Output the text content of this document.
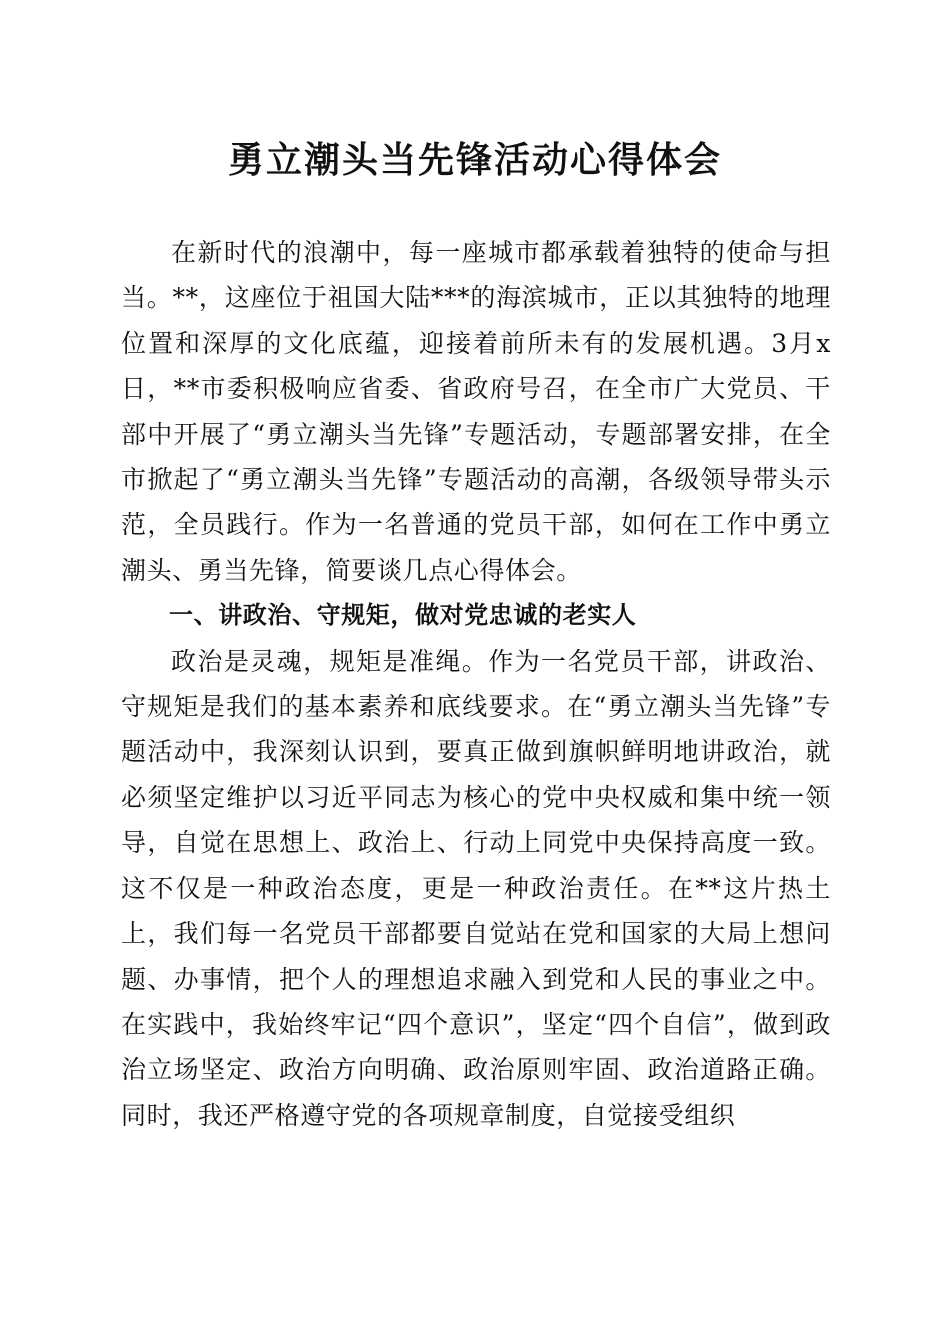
勇立潮头当先锋活动心得体会

在新时代的浪潮中，每一座城市都承载着独特的使命与担当。**，这座位于祖国大陆***的海滨城市，正以其独特的地理位置和深厚的文化底蕴，迎接着前所未有的发展机遇。3月x日，**市委积极响应省委、省政府号召，在全市广大党员、干部中开展了“勇立潮头当先锋”专题活动，专题部署安排，在全市掀起了“勇立潮头当先锋”专题活动的高潮，各级领导带头示范，全员践行。作为一名普通的党员干部，如何在工作中勇立潮头、勇当先锋，简要谈几点心得体会。

一、讲政治、守规矩，做对党忠诚的老实人

政治是灵魂，规矩是准绳。作为一名党员干部，讲政治、守规矩是我们的基本素养和底线要求。在“勇立潮头当先锋”专题活动中，我深刻认识到，要真正做到旗帜鲜明地讲政治，就必须坚定维护以习近平同志为核心的党中央权威和集中统一领导，自觉在思想上、政治上、行动上同党中央保持高度一致。这不仅是一种政治态度，更是一种政治责任。在**这片热土上，我们每一名党员干部都要自觉站在党和国家的大局上想问题、办事情，把个人的理想追求融入到党和人民的事业之中。在实践中，我始终牢记“四个意识”，坚定“四个自信”，做到政治立场坚定、政治方向明确、政治原则牢固、政治道路正确。同时，我还严格遵守党的各项规章制度，自觉接受组织
